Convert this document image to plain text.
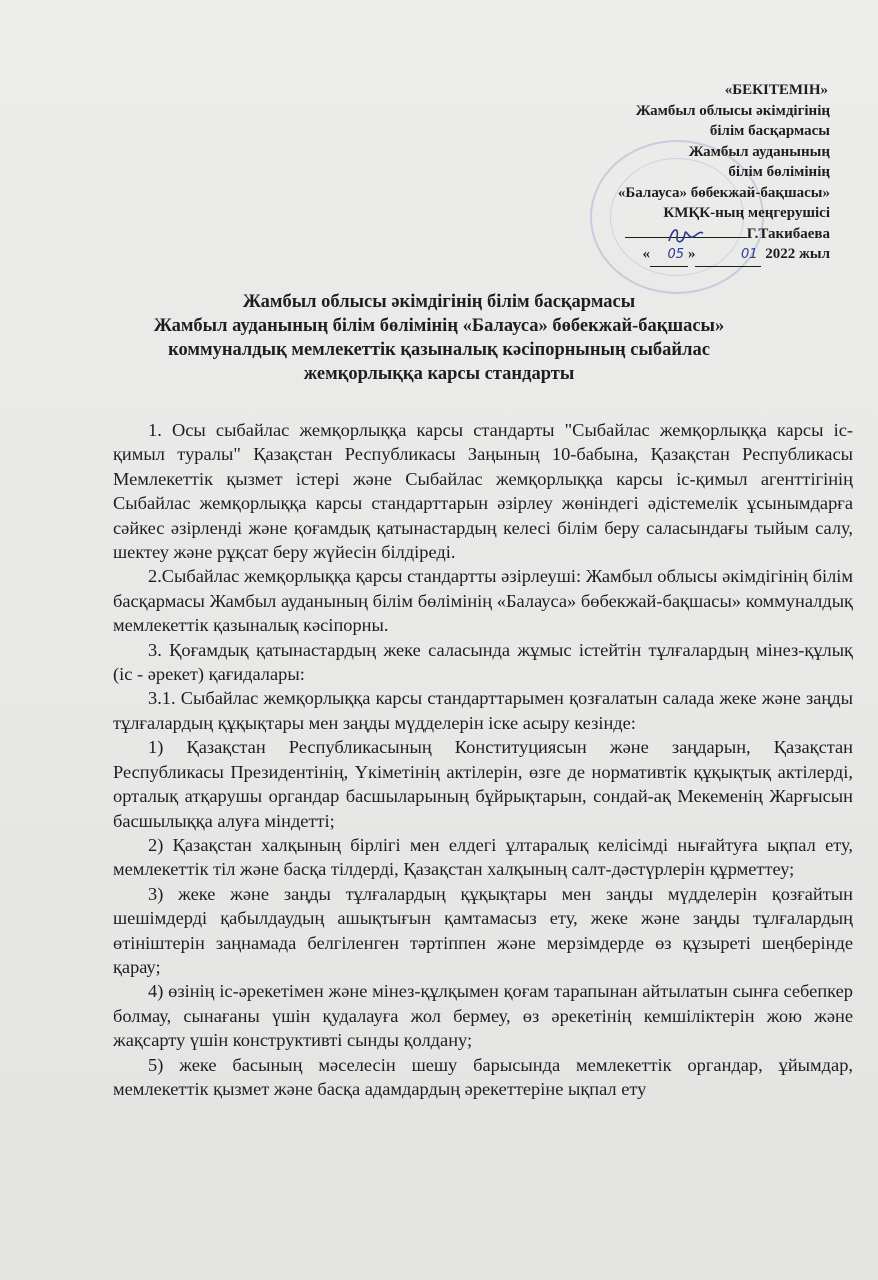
«БЕКІТЕМІН»
Жамбыл облысы әкімдігінің
білім басқармасы
Жамбыл ауданының
білім бөлімінің
«Балауса» бөбекжай-бақшасы»
КМҚК-ның меңгерушісі
Г.Такибаева
« 05 »	01 2022 жыл
Жамбыл облысы әкімдігінің білім басқармасы
Жамбыл ауданының білім бөлімінің «Балауса» бөбекжай-бақшасы»
коммуналдық мемлекеттік қазыналық кәсіпорнының сыбайлас
жемқорлыққа карсы стандарты

1. Осы сыбайлас жемқорлыққа карсы стандарты "Сыбайлас жемқорлыққа карсы іс-қимыл туралы" Қазақстан Республикасы Заңының 10-бабына, Қазақстан Республикасы Мемлекеттік қызмет істері және Сыбайлас жемқорлыққа карсы іс-қимыл агенттігінің Сыбайлас жемқорлыққа карсы стандарттарын әзірлеу жөніндегі әдістемелік ұсынымдарға сәйкес әзірленді және қоғамдық қатынастардың келесі білім беру саласындағы тыйым салу, шектеу және рұқсат беру жүйесін білдіреді.

2.Сыбайлас жемқорлыққа қарсы стандартты әзірлеуші: Жамбыл облысы әкімдігінің білім басқармасы Жамбыл ауданының білім бөлімінің «Балауса» бөбекжай-бақшасы» коммуналдық мемлекеттік қазыналық кәсіпорны.

3. Қоғамдық қатынастардың жеке саласында жұмыс істейтін тұлғалардың мінез-құлық (іс - әрекет) қағидалары:

3.1. Сыбайлас жемқорлыққа карсы стандарттарымен қозғалатын салада жеке және заңды тұлғалардың құқықтары мен заңды мүдделерін іске асыру кезінде:

1) Қазақстан Республикасының Конституциясын және заңдарын, Қазақстан Республикасы Президентінің, Үкіметінің актілерін, өзге де нормативтік құқықтық актілерді, орталық атқарушы органдар басшыларының бұйрықтарын, сондай-ақ Мекеменің Жарғысын басшылыққа алуға міндетті;

2) Қазақстан халқының бірлігі мен елдегі ұлтаралық келісімді нығайтуға ықпал ету, мемлекеттік тіл және басқа тілдерді, Қазақстан халқының салт-дәстүрлерін құрметтеу;

3) жеке және заңды тұлғалардың құқықтары мен заңды мүдделерін қозғайтын шешімдерді қабылдаудың ашықтығын қамтамасыз ету, жеке және заңды тұлғалардың өтініштерін заңнамада белгіленген тәртіппен және мерзімдерде өз құзыреті шеңберінде қарау;

4) өзінің іс-әрекетімен және мінез-құлқымен қоғам тарапынан айтылатын сынға себепкер болмау, сынағаны үшін қудалауға жол бермеу, өз әрекетінің кемшіліктерін жою және жақсарту үшін конструктивті сынды қолдану;

5) жеке басының мәселесін шешу барысында мемлекеттік органдар, ұйымдар, мемлекеттік қызмет және басқа адамдардың әрекеттеріне ықпал ету
